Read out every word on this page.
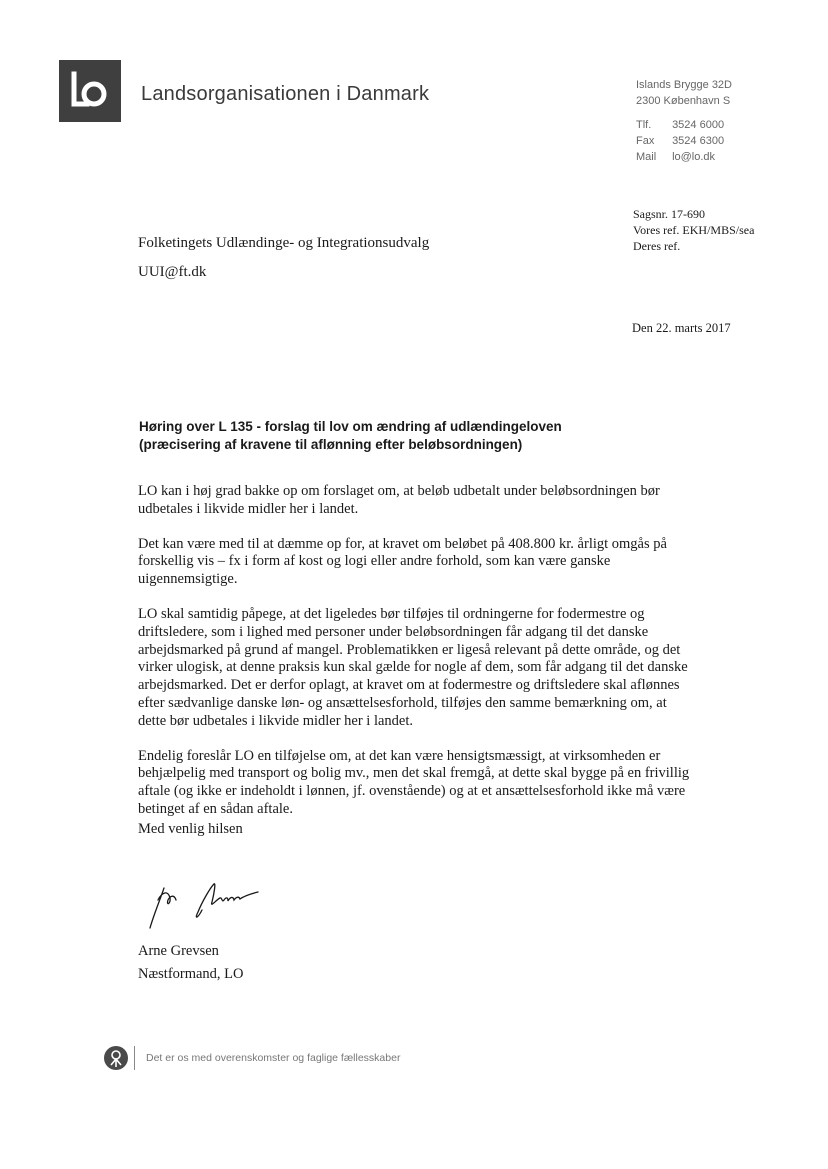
Landsorganisationen i Danmark	Islands Brygge 32D
2300 København S
Tlf. 3524 6000
Fax 3524 6300
Mail lo@lo.dk
Folketingets Udlændinge- og Integrationsudvalg
UUI@ft.dk
Sagsnr. 17-690
Vores ref. EKH/MBS/sea
Deres ref.
Den 22. marts 2017
Høring over L 135 - forslag til lov om ændring af udlændingeloven
(præcisering af kravene til aflønning efter beløbsordningen)

LO kan i høj grad bakke op om forslaget om, at beløb udbetalt under beløbsordningen bør udbetales i likvide midler her i landet.

Det kan være med til at dæmme op for, at kravet om beløbet på 408.800 kr. årligt omgås på forskellig vis – fx i form af kost og logi eller andre forhold, som kan være ganske uigennemsigtige.

LO skal samtidig påpege, at det ligeledes bør tilføjes til ordningerne for fodermestre og driftsledere, som i lighed med personer under beløbsordningen får adgang til det danske arbejdsmarked på grund af mangel. Problematikken er ligeså relevant på dette område, og det virker ulogisk, at denne praksis kun skal gælde for nogle af dem, som får adgang til det danske arbejdsmarked. Det er derfor oplagt, at kravet om at fodermestre og driftsledere skal aflønnes efter sædvanlige danske løn- og ansættelsesforhold, tilføjes den samme bemærkning om, at dette bør udbetales i likvide midler her i landet.

Endelig foreslår LO en tilføjelse om, at det kan være hensigtsmæssigt, at virksomheden er behjælpelig med transport og bolig mv., men det skal fremgå, at dette skal bygge på en frivillig aftale (og ikke er indeholdt i lønnen, jf. ovenstående) og at et ansættelsesforhold ikke må være betinget af en sådan aftale.

Med venlig hilsen
Arne Grevsen
Næstformand, LO
Det er os med overenskomster og faglige fællesskaber
